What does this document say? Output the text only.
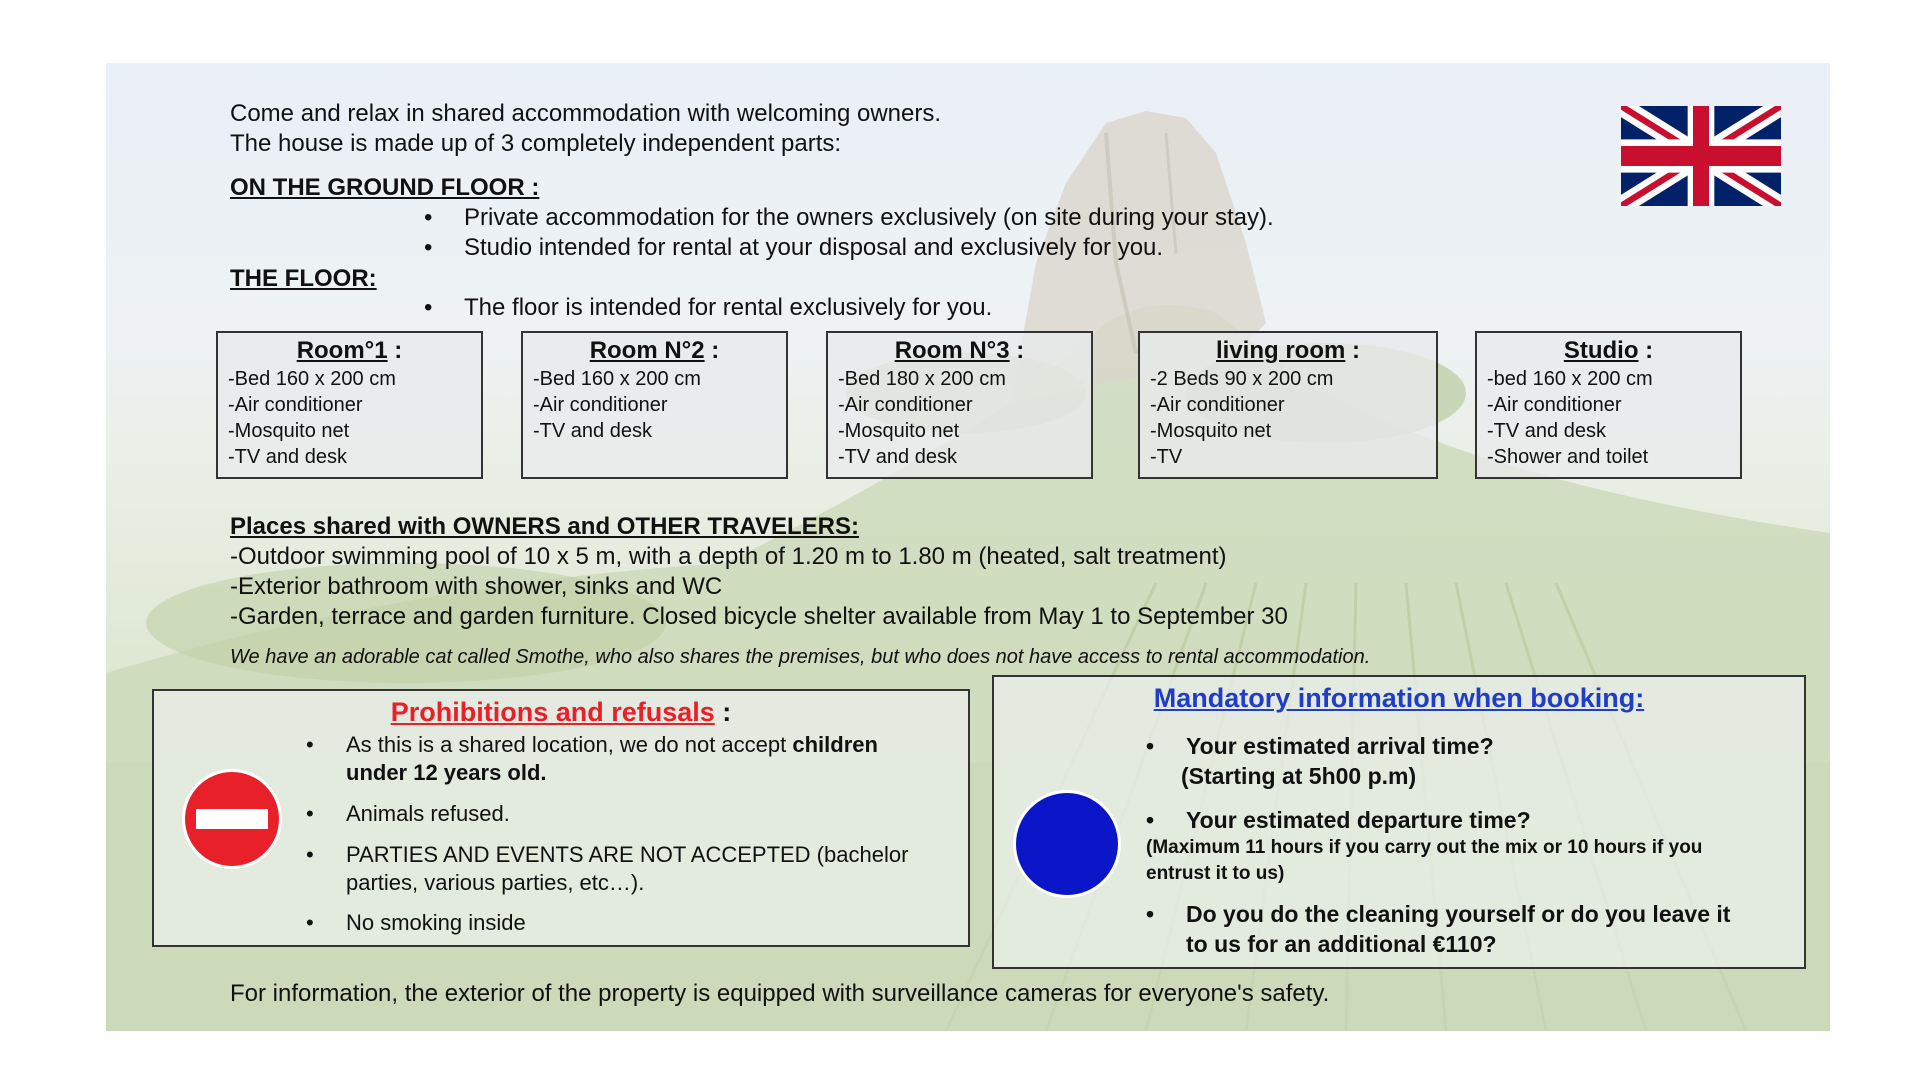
Come and relax in shared accommodation with welcoming owners.

The house is made up of 3 completely independent parts:

ON THE GROUND FLOOR :

• Private accommodation for the owners exclusively (on site during your stay).
• Studio intended for rental at your disposal and exclusively for you.

THE FLOOR:

• The floor is intended for rental exclusively for you.
Room°1 :
-Bed 160 x 200 cm
-Air conditioner
-Mosquito net
-TV and desk
Room N°2 :
-Bed 160 x 200 cm
-Air conditioner
-TV and desk
Room N°3 :
-Bed 180 x 200 cm
-Air conditioner
-Mosquito net
-TV and desk
living room :
-2 Beds 90 x 200 cm
-Air conditioner
-Mosquito net
-TV
Studio :
-bed 160 x 200 cm
-Air conditioner
-TV and desk
-Shower and toilet

Places shared with OWNERS and OTHER TRAVELERS:

-Outdoor swimming pool of 10 x 5 m, with a depth of 1.20 m to 1.80 m (heated, salt treatment)

-Exterior bathroom with shower, sinks and WC

-Garden, terrace and garden furniture. Closed bicycle shelter available from May 1 to September 30

We have an adorable cat called Smothe, who also shares the premises, but who does not have access to rental accommodation.

Prohibitions and refusals :
• As this is a shared location, we do not accept children
under 12 years old.
• Animals refused.
• PARTIES AND EVENTS ARE NOT ACCEPTED (bachelor
parties, various parties, etc…).
• No smoking inside
Mandatory information when booking:
• Your estimated arrival time?
(Starting at 5h00 p.m)
• Your estimated departure time?
(Maximum 11 hours if you carry out the mix or 10 hours if you
entrust it to us)
• Do you do the cleaning yourself or do you leave it
to us for an additional €110?

For information, the exterior of the property is equipped with surveillance cameras for everyone's safety.
